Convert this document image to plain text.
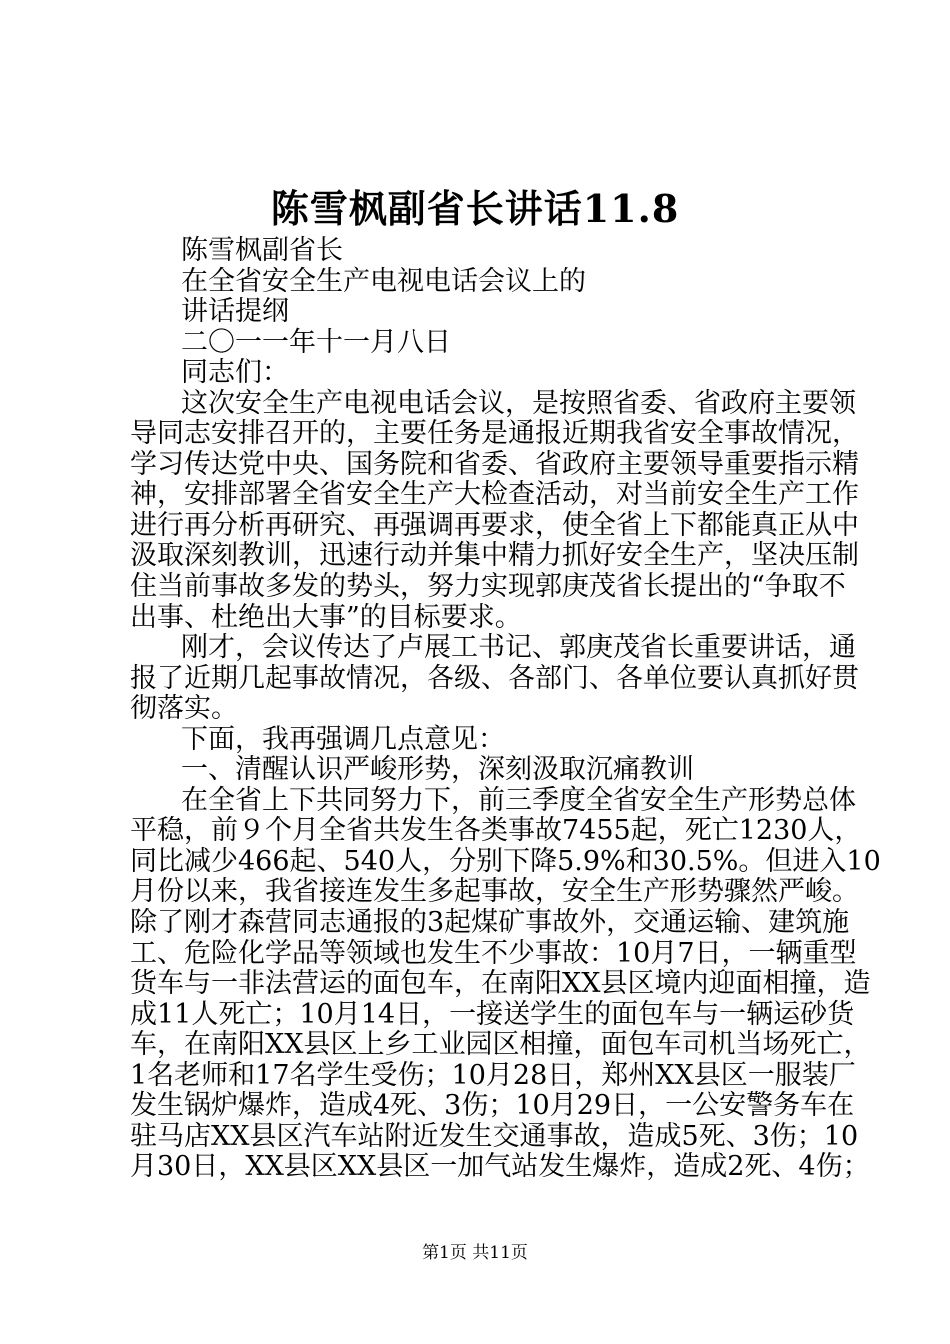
陈雪枫副省长讲话11.8
陈雪枫副省长
在全省安全生产电视电话会议上的
讲话提纲
二〇一一年十一月八日
同志们：
这次安全生产电视电话会议，是按照省委、省政府主要领
导同志安排召开的，主要任务是通报近期我省安全事故情况，
学习传达党中央、国务院和省委、省政府主要领导重要指示精
神，安排部署全省安全生产大检查活动，对当前安全生产工作
进行再分析再研究、再强调再要求，使全省上下都能真正从中
汲取深刻教训，迅速行动并集中精力抓好安全生产，坚决压制
住当前事故多发的势头，努力实现郭庚茂省长提出的“争取不
出事、杜绝出大事”的目标要求。
刚才，会议传达了卢展工书记、郭庚茂省长重要讲话，通
报了近期几起事故情况，各级、各部门、各单位要认真抓好贯
彻落实。
下面，我再强调几点意见：
一、清醒认识严峻形势，深刻汲取沉痛教训
在全省上下共同努力下，前三季度全省安全生产形势总体
平稳，前９个月全省共发生各类事故7455起，死亡1230人，
同比减少466起、540人，分别下降5.9%和30.5%。但进入10
月份以来，我省接连发生多起事故，安全生产形势骤然严峻。
除了刚才森营同志通报的3起煤矿事故外，交通运输、建筑施
工、危险化学品等领域也发生不少事故：10月7日，一辆重型
货车与一非法营运的面包车，在南阳XX县区境内迎面相撞，造
成11人死亡；10月14日，一接送学生的面包车与一辆运砂货
车，在南阳XX县区上乡工业园区相撞，面包车司机当场死亡，
1名老师和17名学生受伤；10月28日，郑州XX县区一服装厂
发生锅炉爆炸，造成4死、3伤；10月29日，一公安警务车在
驻马店XX县区汽车站附近发生交通事故，造成5死、3伤；10
月30日，XX县区XX县区一加气站发生爆炸，造成2死、4伤；
第1页 共11页
